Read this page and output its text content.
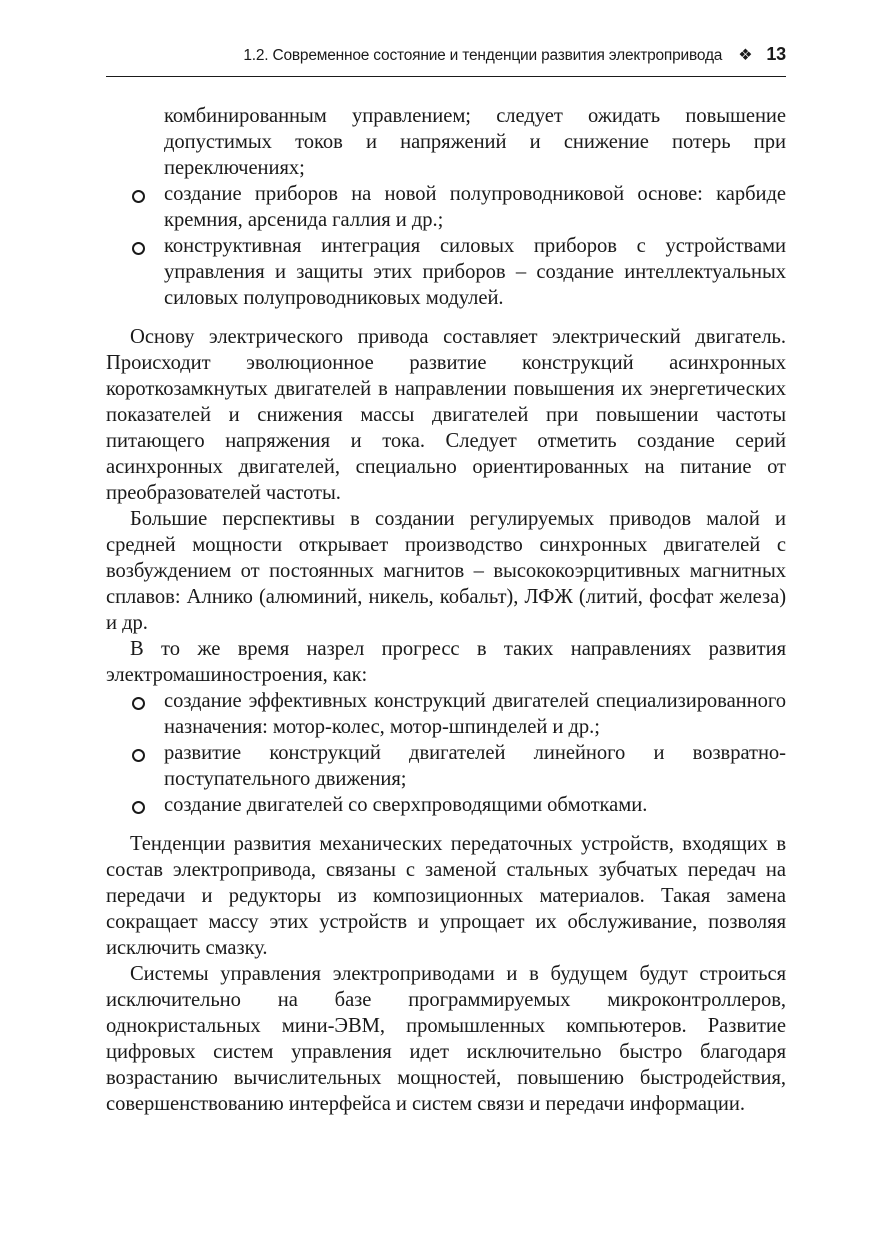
1.2. Современное состояние и тенденции развития электропривода ❖ 13
комбинированным управлением; следует ожидать повышение допустимых токов и напряжений и снижение потерь при переключениях;
создание приборов на новой полупроводниковой основе: карбиде кремния, арсенида галлия и др.;
конструктивная интеграция силовых приборов с устройствами управления и защиты этих приборов – создание интеллектуальных силовых полупроводниковых модулей.

Основу электрического привода составляет электрический двигатель. Происходит эволюционное развитие конструкций асинхронных короткозамкнутых двигателей в направлении повышения их энергетических показателей и снижения массы двигателей при повышении частоты питающего напряжения и тока. Следует отметить создание серий асинхронных двигателей, специально ориентированных на питание от преобразователей частоты.

Большие перспективы в создании регулируемых приводов малой и средней мощности открывает производство синхронных двигателей с возбуждением от постоянных магнитов – высококоэрцитивных магнитных сплавов: Алнико (алюминий, никель, кобальт), ЛФЖ (литий, фосфат железа) и др.

В то же время назрел прогресс в таких направлениях развития электромашиностроения, как:

создание эффективных конструкций двигателей специализированного назначения: мотор-колес, мотор-шпинделей и др.;
развитие конструкций двигателей линейного и возвратно-поступательного движения;
создание двигателей со сверхпроводящими обмотками.

Тенденции развития механических передаточных устройств, входящих в состав электропривода, связаны с заменой стальных зубчатых передач на передачи и редукторы из композиционных материалов. Такая замена сокращает массу этих устройств и упрощает их обслуживание, позволяя исключить смазку.

Системы управления электроприводами и в будущем будут строиться исключительно на базе программируемых микроконтроллеров, однокристальных мини-ЭВМ, промышленных компьютеров. Развитие цифровых систем управления идет исключительно быстро благодаря возрастанию вычислительных мощностей, повышению быстродействия, совершенствованию интерфейса и систем связи и передачи информации.
